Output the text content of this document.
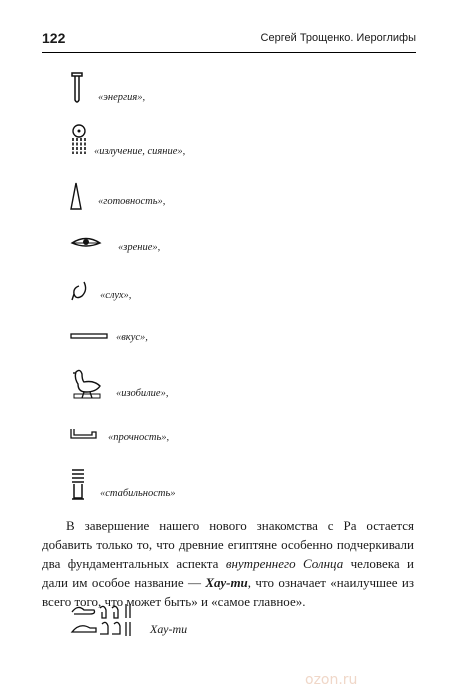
122	Сергей Трощенко. Иероглифы
«энергия»,
«излучение, сияние»,
«готовность»,
«зрение»,
«слух»,
«вкус»,
«изобилие»,
«прочность»,
«стабильность»

В завершение нашего нового знакомства с Ра остается добавить только то, что древние египтяне особенно подчеркивали два фундаментальных аспекта внутреннего Солнца человека и дали им особое название — Хау-ти, что означает «наилучшее из всего того, что может быть» и «самое главное».

Хау-ти
ozon.ru
